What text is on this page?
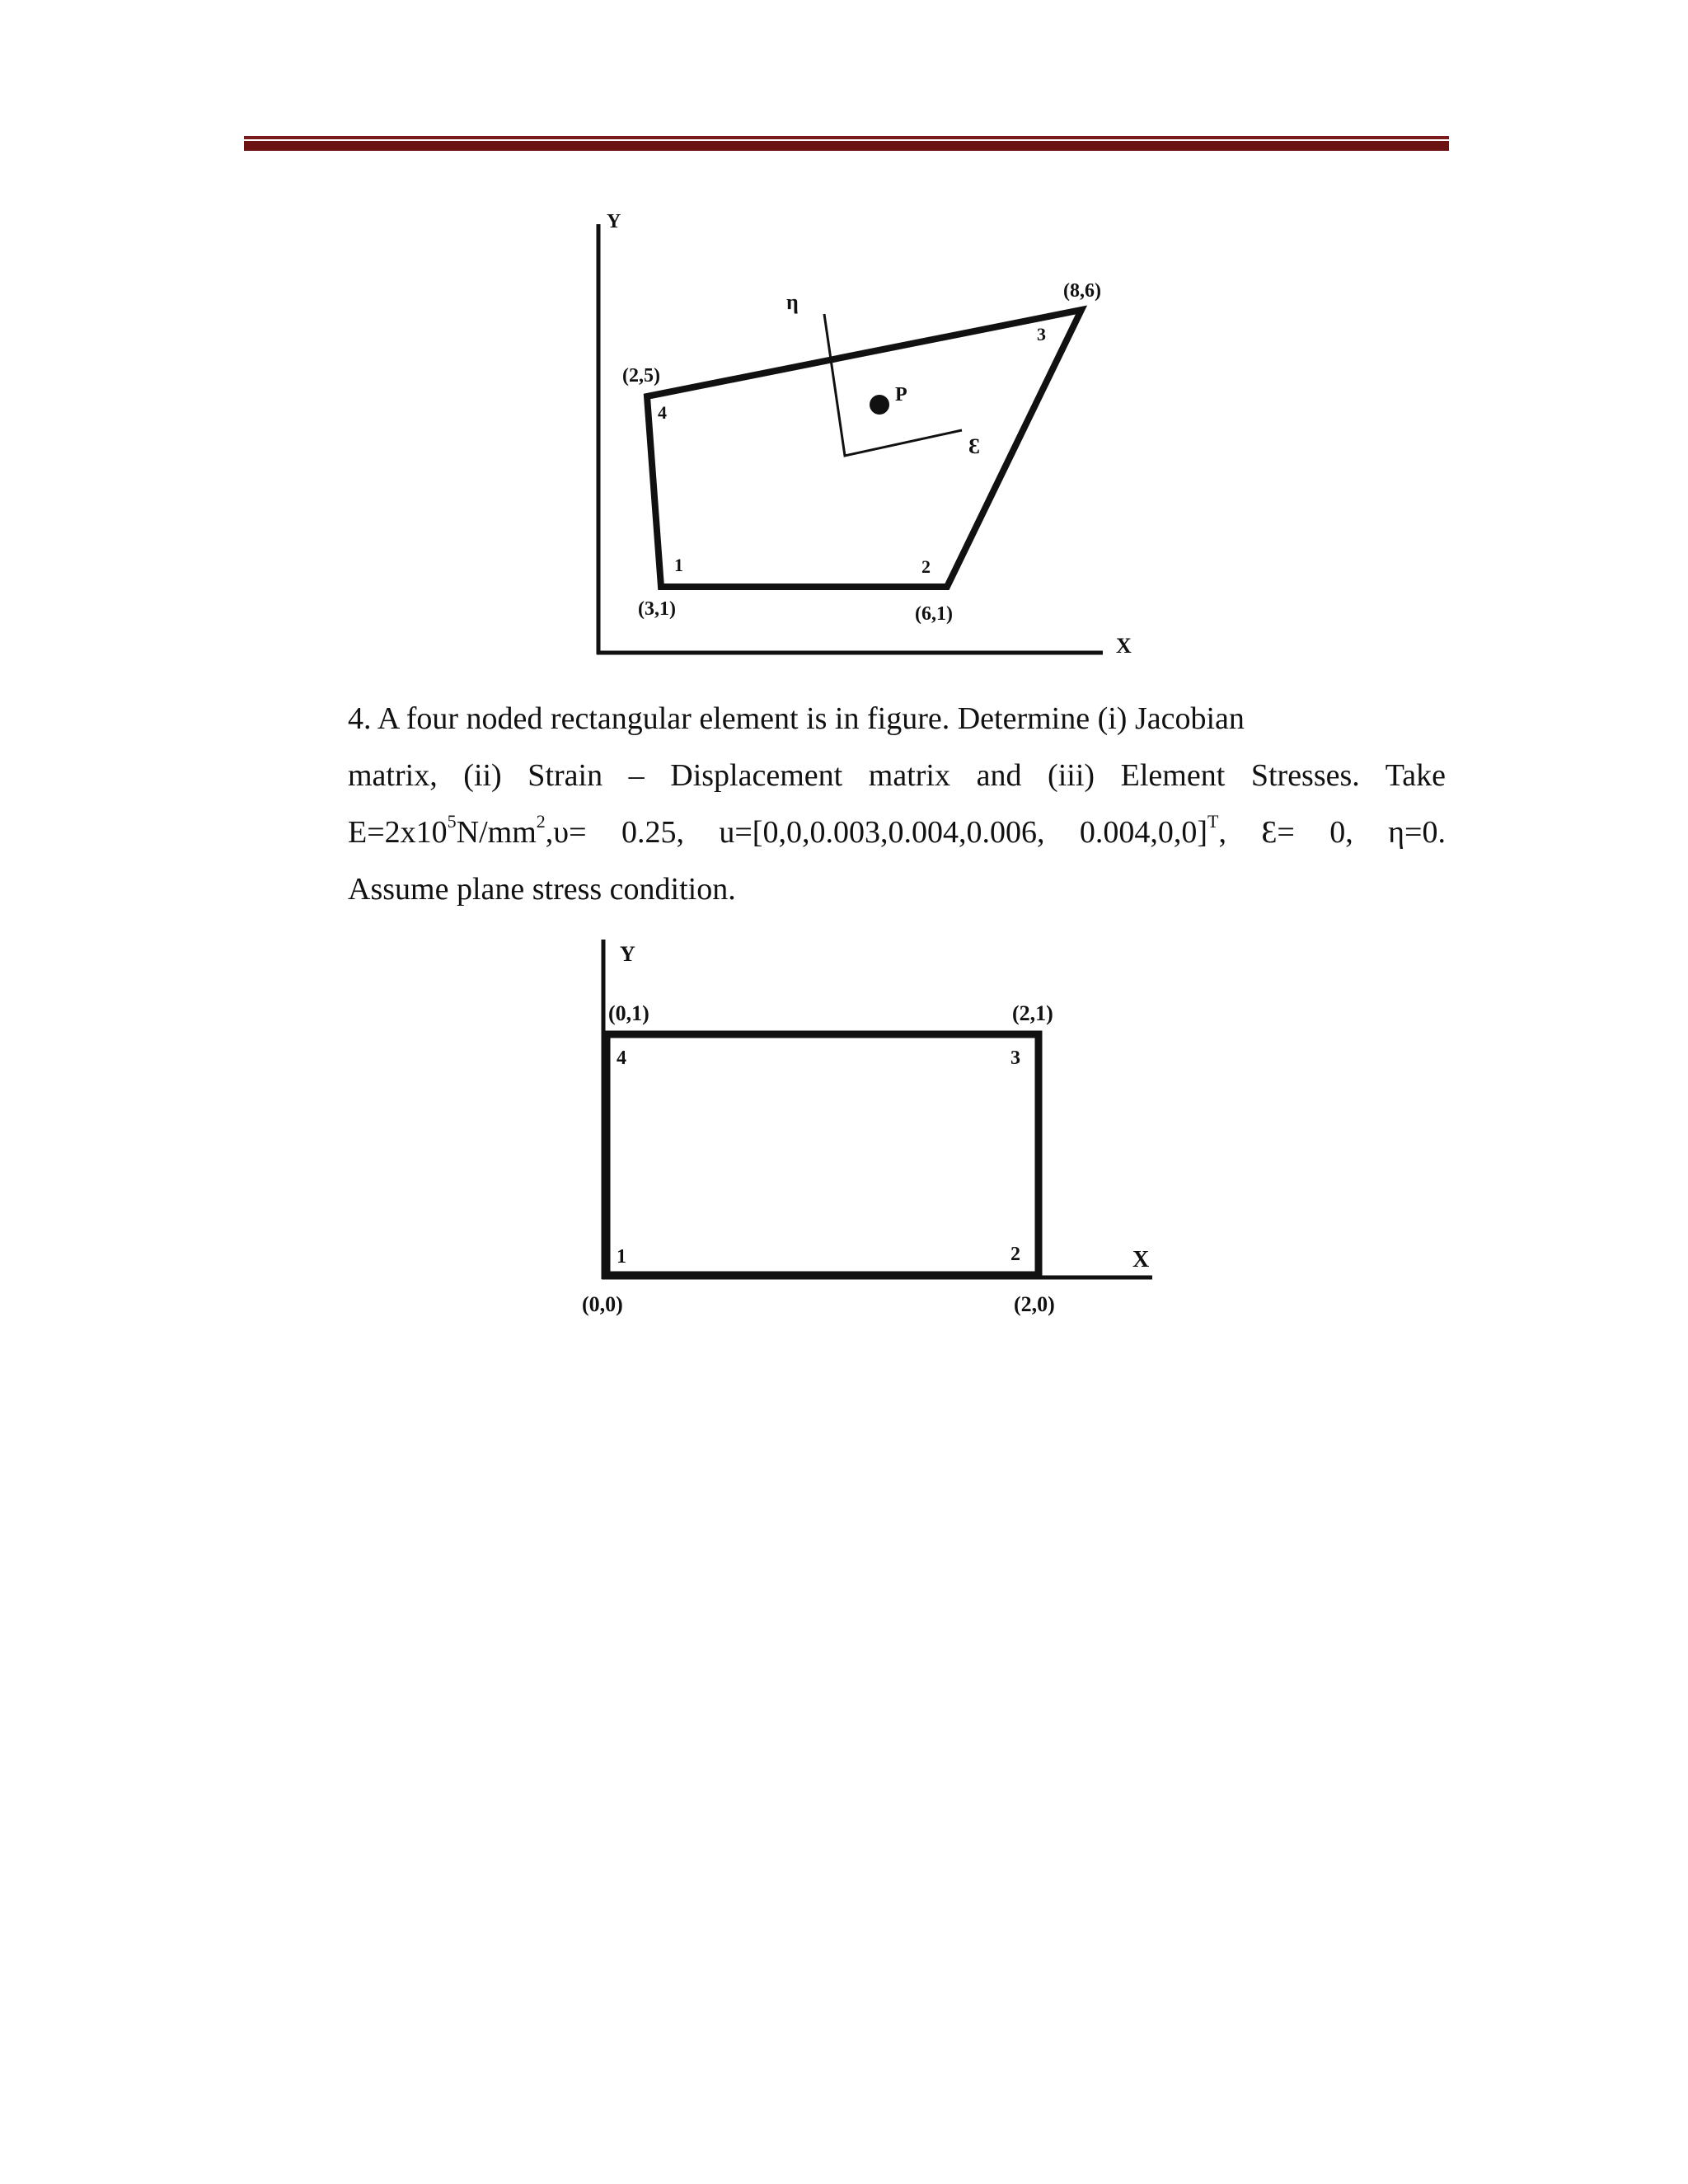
Y
X
η
Ɛ
P
1	2
3
4
(3,1)	(6,1)
(8,6)
(2,5)
4. A four noded rectangular element is in figure. Determine (i) Jacobian
matrix, (ii) Strain – Displacement matrix and (iii) Element Stresses. Take
$E=2x10^5N/mm^2,\upsilon= 0.25$, u=[0,0,0.003,0.004,0.006, 0.004,0,0]$^T$, Ɛ= 0, η=0.
Assume plane stress condition.
Y
X
1	2
3
4
(0,0)	(2,0)
(2,1)
(0,1)
